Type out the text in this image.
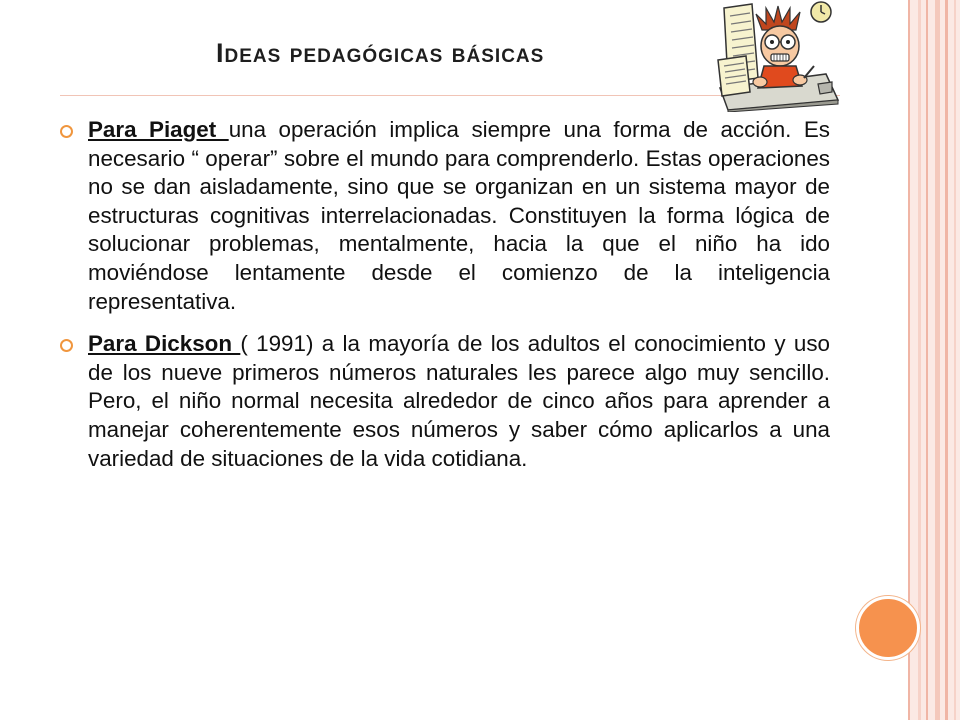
Ideas pedagógicas básicas
Para Piaget una operación implica siempre una forma de acción. Es necesario “ operar” sobre el mundo para comprenderlo. Estas operaciones no se dan aisladamente, sino que se organizan en un sistema mayor de estructuras cognitivas interrelacionadas. Constituyen la forma lógica de solucionar problemas, mentalmente, hacia la que el niño ha ido moviéndose lentamente desde el comienzo de la inteligencia representativa.
Para Dickson ( 1991) a la mayoría de los adultos el conocimiento y uso de los nueve primeros números naturales les parece algo muy sencillo. Pero, el niño normal necesita alrededor de cinco años para aprender a manejar coherentemente esos números y saber cómo aplicarlos a una variedad de situaciones de la vida cotidiana.
